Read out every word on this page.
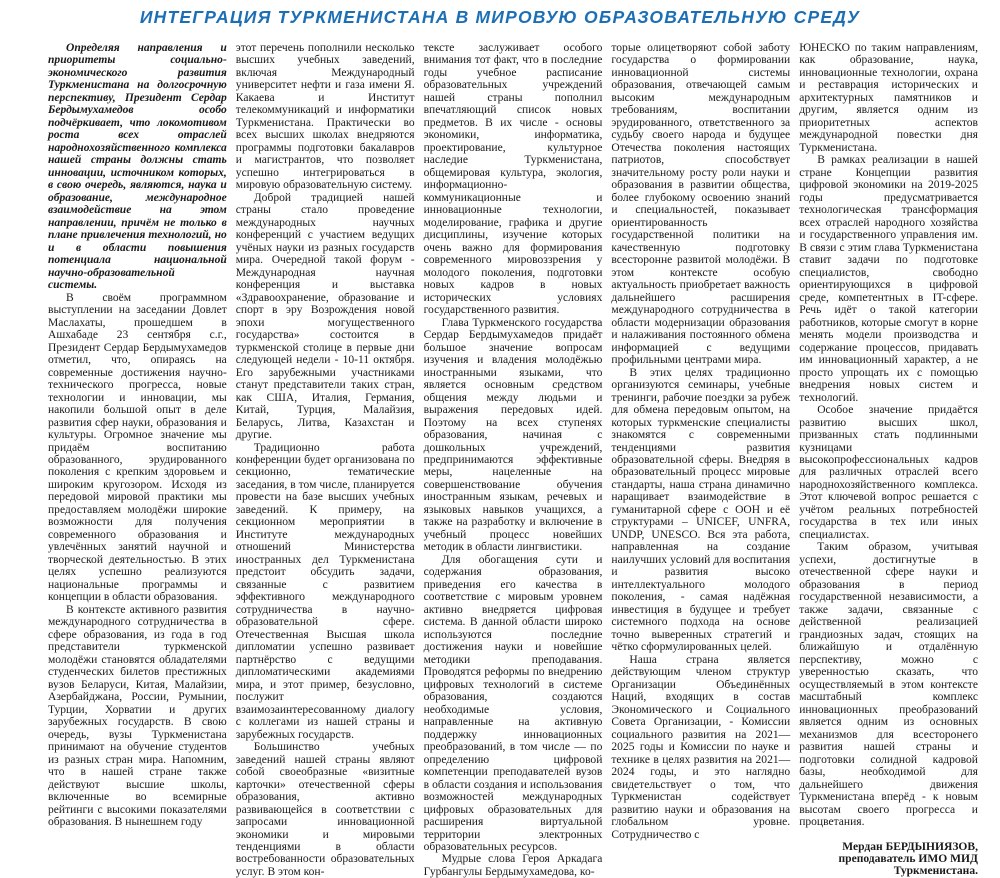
ИНТЕГРАЦИЯ ТУРКМЕНИСТАНА В МИРОВУЮ ОБРАЗОВАТЕЛЬНУЮ СРЕДУ

Определяя направления и приоритеты социально-экономического развития Туркменистана на долгосрочную перспективу, Президент Сердар Бердымухамедов особо подчёркивает, что локомотивом роста всех отраслей народнохозяйственного комплекса нашей страны должны стать инновации, источником которых, в свою очередь, являются, наука и образование, международное взаимодействие на этом направлении, причём не только в плане привлечения технологий, но и в области повышения потенциала национальной научно-образовательной системы.

В своём программном выступлении на заседании Довлет Маслахаты, прошедшем в Ашхабаде 23 сентября с.г., Президент Сердар Бердымухамедов отметил, что, опираясь на современные достижения научно-технического прогресса, новые технологии и инновации, мы накопили большой опыт в деле развития сфер науки, образования и культуры. Огромное значение мы придаём воспитанию образованного, эрудированного поколения с крепким здоровьем и широким кругозором. Исходя из передовой мировой практики мы предоставляем молодёжи широкие возможности для получения современного образования и увлечённых занятий научной и творческой деятельностью. В этих целях успешно реализуются национальные программы и концепции в области образования.

В контексте активного развития международного сотрудничества в сфере образования, из года в год представители туркменской молодёжи становятся обладателями студенческих билетов престижных вузов Беларуси, Китая, Малайзии, Азербайджана, России, Румынии, Турции, Хорватии и других зарубежных государств. В свою очередь, вузы Туркменистана принимают на обучение студентов из разных стран мира. Напомним, что в нашей стране также действуют высшие школы, включенные во всемирные рейтинги с высокими показателями образования. В нынешнем году

этот перечень пополнили несколько высших учебных заведений, включая Международный университет нефти и газа имени Я. Какаева и Институт телекоммуникаций и информатики Туркменистана. Практически во всех высших школах внедряются программы подготовки бакалавров и магистрантов, что позволяет успешно интегрироваться в мировую образовательную систему.

Доброй традицией нашей страны стало проведение международных научных конференций с участием ведущих учёных науки из разных государств мира. Очередной такой форум - Международная научная конференция и выставка «Здравоохранение, образование и спорт в эру Возрождения новой эпохи могущественного государства» состоится в туркменской столице в первые дни следующей недели - 10-11 октября. Его зарубежными участниками станут представители таких стран, как США, Италия, Германия, Китай, Турция, Малайзия, Беларусь, Литва, Казахстан и другие.

Традиционно работа конференции будет организована по секционно, тематические заседания, в том числе, планируется провести на базе высших учебных заведений. К примеру, на секционном мероприятии в Институте международных отношений Министерства иностранных дел Туркменистана предстоит обсудить задачи, связанные с развитием эффективного международного сотрудничества в научно-образовательной сфере. Отечественная Высшая школа дипломатии успешно развивает партнёрство с ведущими дипломатическими академиями мира, и этот пример, безусловно, послужит взаимозаинтересованному диалогу с коллегами из нашей страны и зарубежных государств.

Большинство учебных заведений нашей страны являют собой своеобразные «визитные карточки» отечественной сферы образования, активно развивающейся в соответствии с запросами инновационной экономики и мировыми тенденциями в области востребованности образовательных услуг. В этом кон-

тексте заслуживает особого внимания тот факт, что в последние годы учебное расписание образовательных учреждений нашей страны пополнил впечатляющий список новых предметов. В их числе - основы экономики, информатика, проектирование, культурное наследие Туркменистана, общемировая культура, экология, информационно-коммуникационные и инновационные технологии, моделирование, графика и другие дисциплины, изучение которых очень важно для формирования современного мировоззрения у молодого поколения, подготовки новых кадров в новых исторических условиях государственного развития.

Глава Туркменского государства Сердар Бердымухамедов придаёт большое значение вопросам изучения и владения молодёжью иностранными языками, что является основным средством общения между людьми и выражения передовых идей. Поэтому на всех ступенях образования, начиная с дошкольных учреждений, предпринимаются эффективные меры, нацеленные на совершенствование обучения иностранным языкам, речевых и языковых навыков учащихся, а также на разработку и включение в учебный процесс новейших методик в области лингвистики.

Для обогащения сути и содержания образования, приведения его качества в соответствие с мировым уровнем активно внедряется цифровая система. В данной области широко используются последние достижения науки и новейшие методики преподавания. Проводятся реформы по внедрению цифровых технологий в системе образования, создаются необходимые условия, направленные на активную поддержку инновационных преобразований, в том числе — по определению цифровой компетенции преподавателей вузов в области создания и использования возможностей международных цифровых образовательных для расширения виртуальной территории электронных образовательных ресурсов.

Мудрые слова Героя Аркадага Гурбангулы Бердымухамедова, ко-

торые олицетворяют собой заботу государства о формировании инновационной системы образования, отвечающей самым высоким международным требованиям, воспитании эрудированного, ответственного за судьбу своего народа и будущее Отечества поколения настоящих патриотов, способствует значительному росту роли науки и образования в развитии общества, более глубокому освоению знаний и специальностей, показывает ориентированность государственной политики на качественную подготовку всесторонне развитой молодёжи. В этом контексте особую актуальность приобретает важность дальнейшего расширения международного сотрудничества в области модернизации образования и налаживания постоянного обмена информацией с ведущими профильными центрами мира.

В этих целях традиционно организуются семинары, учебные тренинги, рабочие поездки за рубеж для обмена передовым опытом, на которых туркменские специалисты знакомятся с современными тенденциями развития образовательной сферы. Внедряя в образовательный процесс мировые стандарты, наша страна динамично наращивает взаимодействие в гуманитарной сфере с ООН и её структурами – UNICEF, UNFRA, UNDP, UNESCO. Вся эта работа, направленная на создание наилучших условий для воспитания и развития высоко интеллектуального молодого поколения, - самая надёжная инвестиция в будущее и требует системного подхода на основе точно выверенных стратегий и чётко сформулированных целей.

Наша страна является действующим членом структур Организации Объединённых Наций, входящих в состав Экономического и Социального Совета Организации, - Комиссии социального развития на 2021—2025 годы и Комиссии по науке и технике в целях развития на 2021—2024 годы, и это наглядно свидетельствует о том, что Туркменистан содействует развитию науки и образования на глобальном уровне. Сотрудничество с

ЮНЕСКО по таким направлениям, как образование, наука, инновационные технологии, охрана и реставрация исторических и архитектурных памятников и другим, является одним из приоритетных аспектов международной повестки дня Туркменистана.

В рамках реализации в нашей стране Концепции развития цифровой экономики на 2019-2025 годы предусматривается технологическая трансформация всех отраслей народного хозяйства и государственного управления им. В связи с этим глава Туркменистана ставит задачи по подготовке специалистов, свободно ориентирующихся в цифровой среде, компетентных в IT-сфере. Речь идёт о такой категории работников, которые смогут в корне менять модели производства и содержание процессов, придавать им инновационный характер, а не просто упрощать их с помощью внедрения новых систем и технологий.

Особое значение придаётся развитию высших школ, призванных стать подлинными кузницами высокопрофессиональных кадров для различных отраслей всего народнохозяйственного комплекса. Этот ключевой вопрос решается с учётом реальных потребностей государства в тех или иных специалистах.

Таким образом, учитывая успехи, достигнутые в отечественной сфере науки и образования в период государственной независимости, а также задачи, связанные с действенной реализацией грандиозных задач, стоящих на ближайшую и отдалённую перспективу, можно с уверенностью сказать, что осуществляемый в этом контексте масштабный комплекс инновационных преобразований является одним из основных механизмов для всесторонего развития нашей страны и подготовки солидной кадровой базы, необходимой для дальнейшего движения Туркменистана вперёд - к новым высотам своего прогресса и процветания.

Мердан БЕРДЫНИЯЗОВ,
преподаватель ИМО МИД
Туркменистана.
